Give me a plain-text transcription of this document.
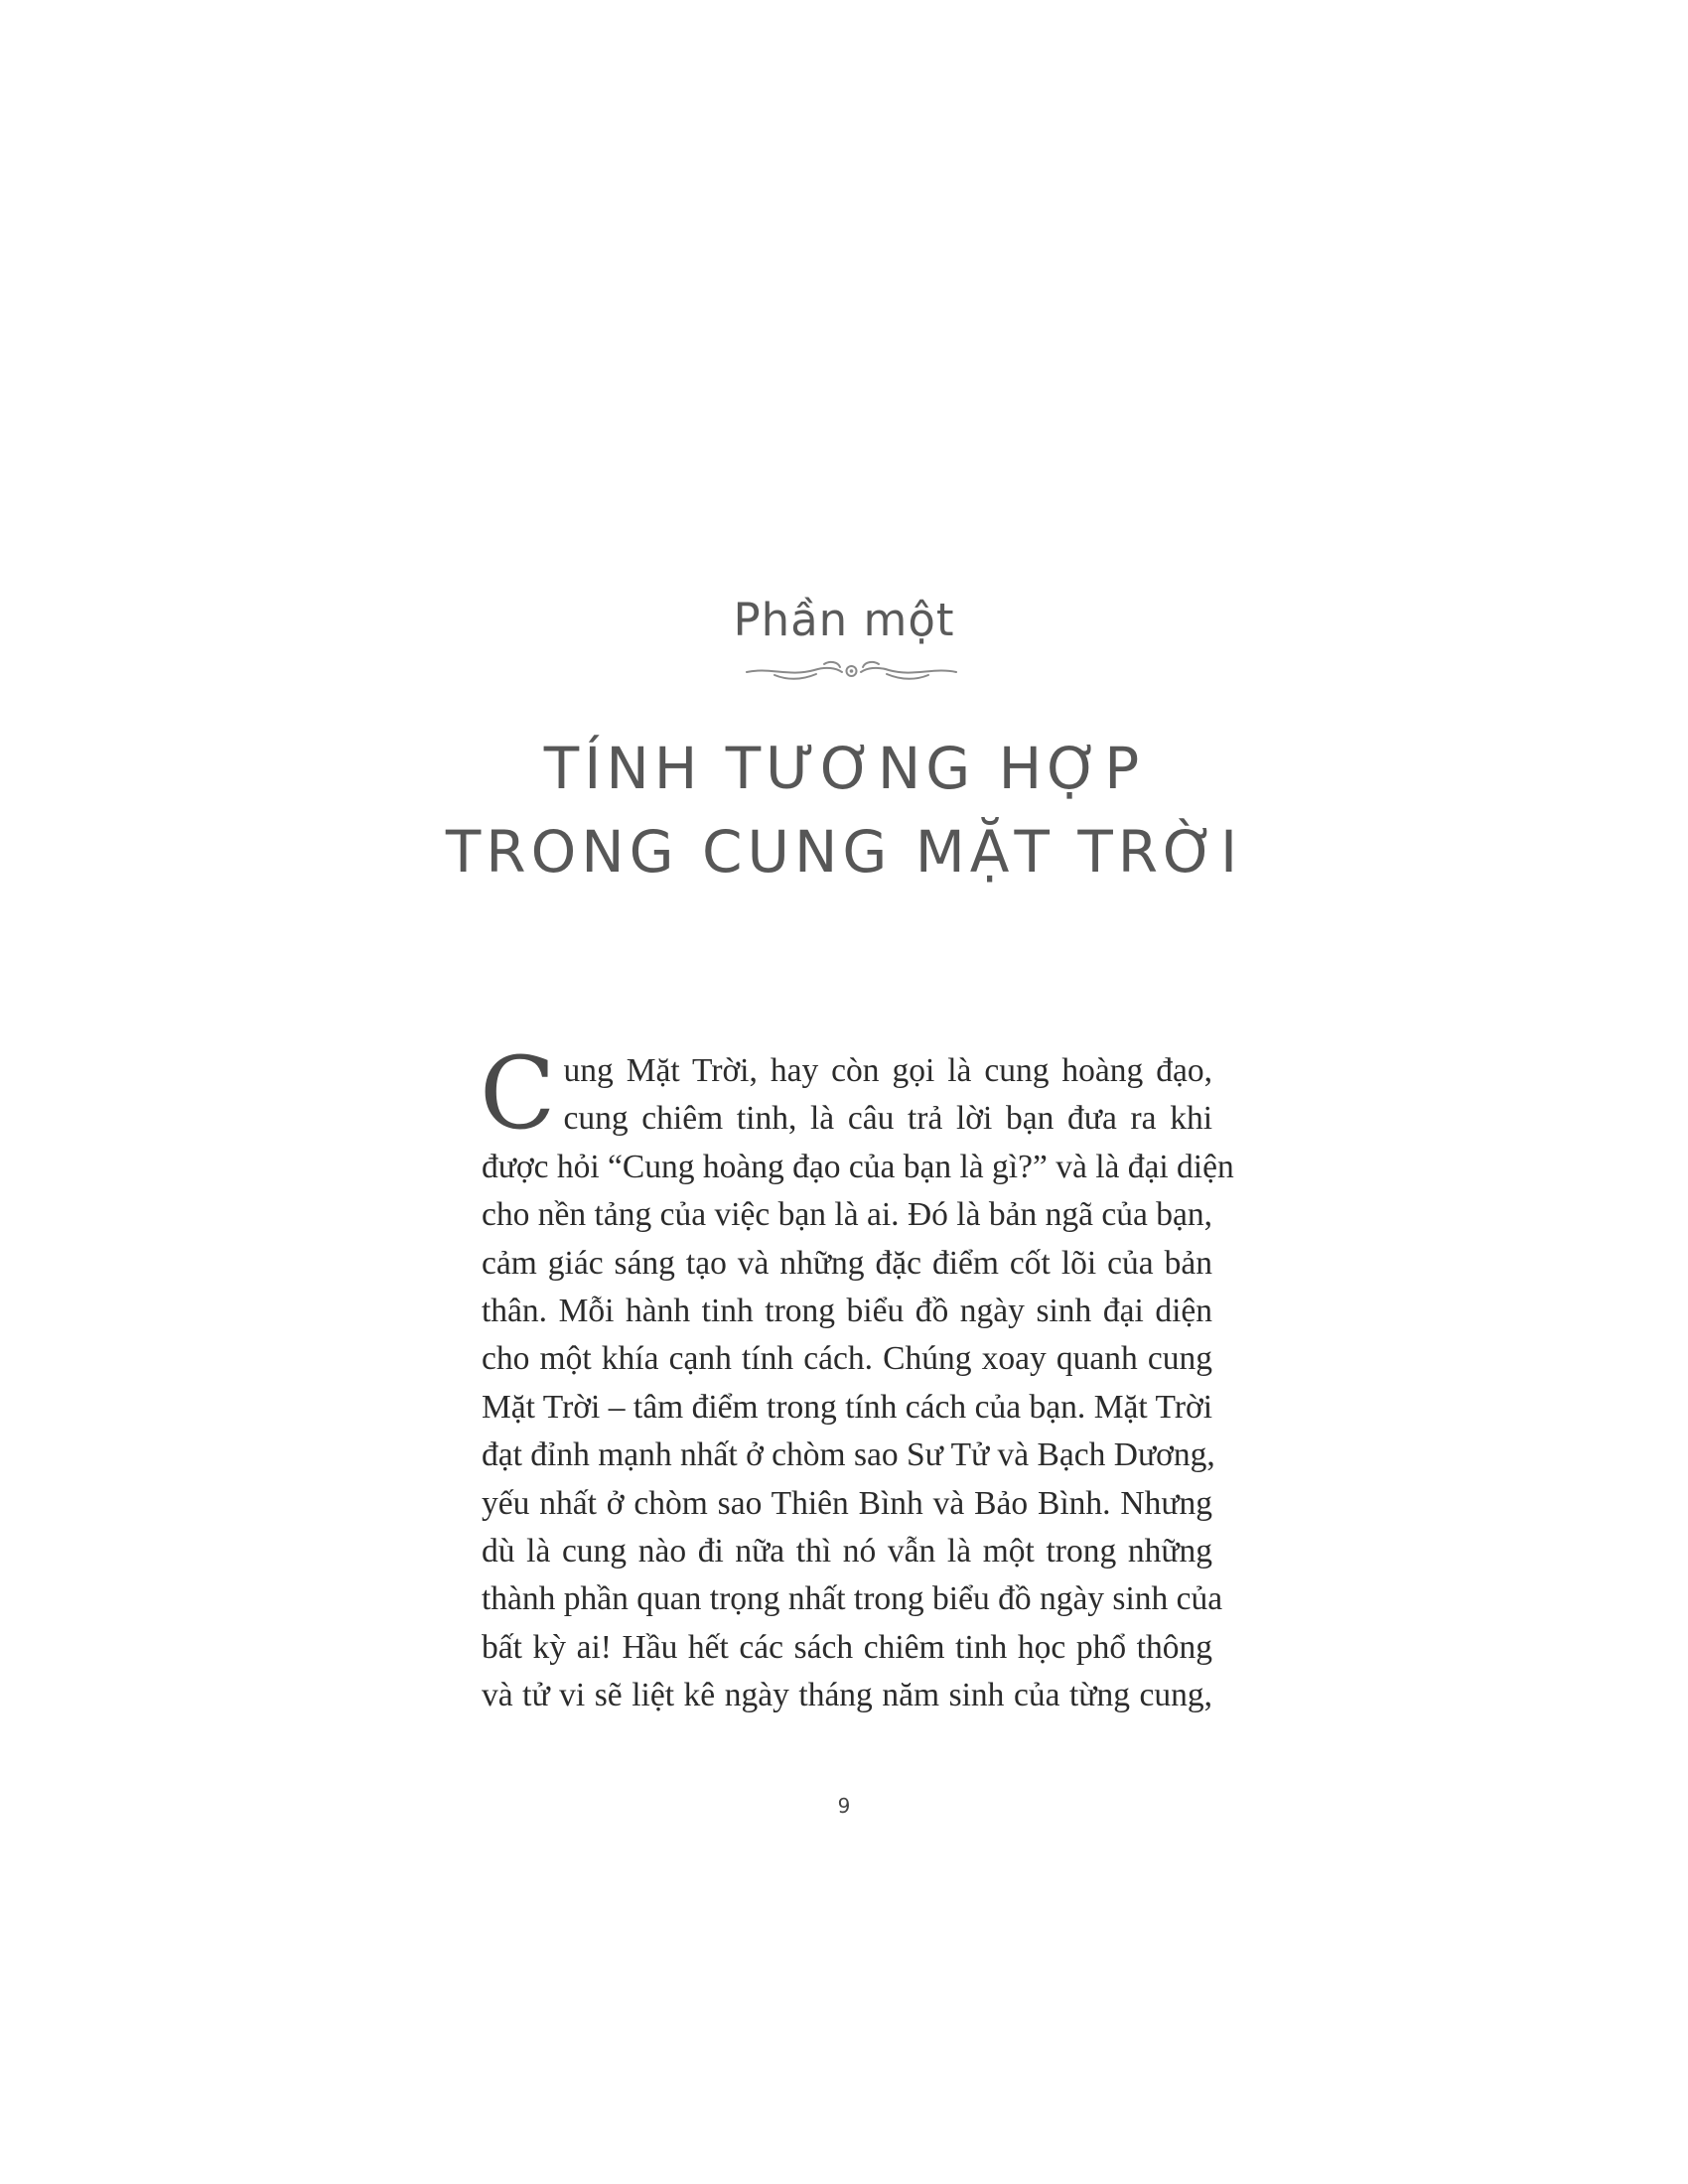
Phần một
TÍNH TƯƠNG HỢP
TRONG CUNG MẶT TRỜI
C ung Mặt Trời, hay còn gọi là cung hoàng đạo,
cung chiêm tinh, là câu trả lời bạn đưa ra khi
được hỏi “Cung hoàng đạo của bạn là gì?” và là đại diện
cho nền tảng của việc bạn là ai. Đó là bản ngã của bạn,
cảm giác sáng tạo và những đặc điểm cốt lõi của bản
thân. Mỗi hành tinh trong biểu đồ ngày sinh đại diện
cho một khía cạnh tính cách. Chúng xoay quanh cung
Mặt Trời – tâm điểm trong tính cách của bạn. Mặt Trời
đạt đỉnh mạnh nhất ở chòm sao Sư Tử và Bạch Dương,
yếu nhất ở chòm sao Thiên Bình và Bảo Bình. Nhưng
dù là cung nào đi nữa thì nó vẫn là một trong những
thành phần quan trọng nhất trong biểu đồ ngày sinh của
bất kỳ ai! Hầu hết các sách chiêm tinh học phổ thông
và tử vi sẽ liệt kê ngày tháng năm sinh của từng cung,
9
